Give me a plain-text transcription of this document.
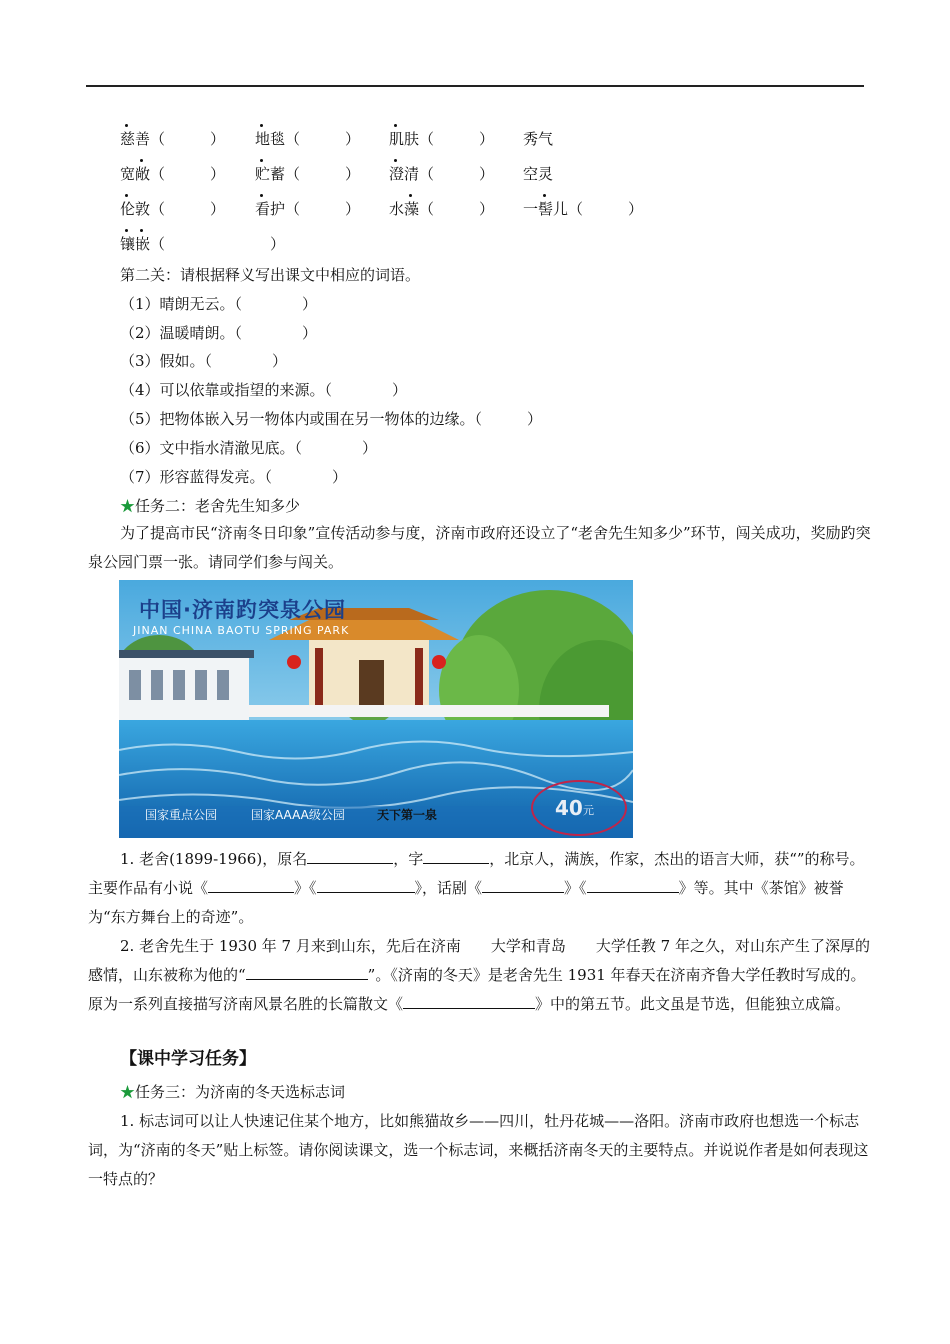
慈善（　　　） 地毯（　　　） 肌肤（　　　） 秀气
宽敞（　　　） 贮蓄（　　　） 澄清（　　　） 空灵
伦敦（　　　） 看护（　　　） 水藻（　　　） 一髻儿（　　　）
镶嵌（　　　　　　　）
第二关：请根据释义写出课文中相应的词语。
（1）晴朗无云。（　　　　）
（2）温暖晴朗。（　　　　）
（3）假如。（　　　　）
（4）可以依靠或指望的来源。（　　　　）
（5）把物体嵌入另一物体内或围在另一物体的边缘。（　　　）
（6）文中指水清澈见底。（　　　　）
（7）形容蓝得发亮。（　　　　）
★任务二：老舍先生知多少
为了提高市民“济南冬日印象”宣传活动参与度，济南市政府还设立了“老舍先生知多少”环节，闯关成功，奖励趵突泉公园门票一张。请同学们参与闯关。
中国·济南趵突泉公园
JINAN CHINA BAOTU SPRING PARK
国家重点公园	国家AAAA级公园	天下第一泉	40 元
1. 老舍(1899-1966)，原名	，字	，北京人，满族，作家，杰出的语言大师，获“”的称号。主要作品有小说《	》《	》，话剧《	》《	》等。其中《茶馆》被誉为“东方舞台上的奇迹”。
2. 老舍先生于 1930 年 7 月来到山东，先后在济南　　大学和青岛　　大学任教 7 年之久，对山东产生了深厚的感情，山东被称为他的“	”。《济南的冬天》是老舍先生 1931 年春天在济南齐鲁大学任教时写成的。原为一系列直接描写济南风景名胜的长篇散文《	》中的第五节。此文虽是节选，但能独立成篇。
【课中学习任务】
★任务三：为济南的冬天选标志词
1. 标志词可以让人快速记住某个地方，比如熊猫故乡——四川，牡丹花城——洛阳。济南市政府也想选一个标志词，为“济南的冬天”贴上标签。请你阅读课文，选一个标志词，来概括济南冬天的主要特点。并说说作者是如何表现这一特点的？
